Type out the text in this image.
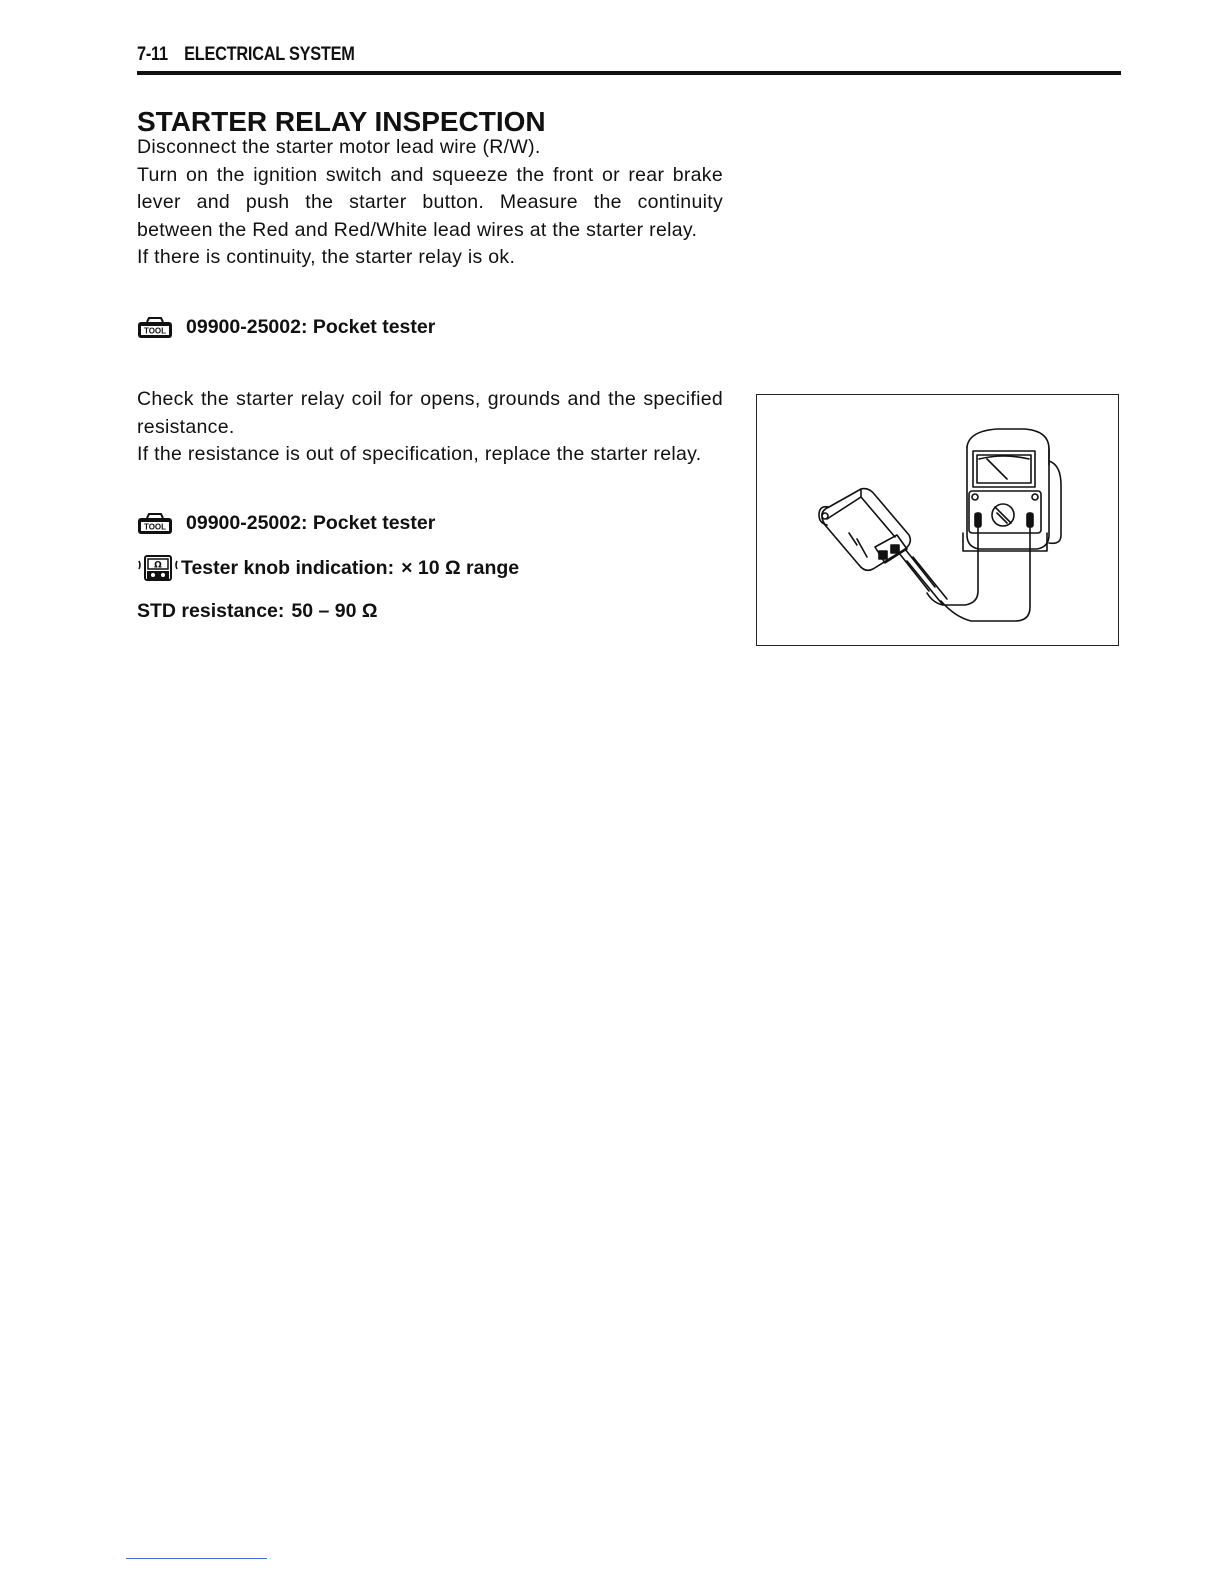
7-11 ELECTRICAL SYSTEM
STARTER RELAY INSPECTION

Disconnect the starter motor lead wire (R/W).

Turn on the ignition switch and squeeze the front or rear brake lever and push the starter button. Measure the continuity between the Red and Red/White lead wires at the starter relay.

If there is continuity, the starter relay is ok.

TOOL 09900-25002: Pocket tester

Check the starter relay coil for opens, grounds and the specified resistance.

If the resistance is out of specification, replace the starter relay.

TOOL 09900-25002: Pocket tester
Ω Tester knob indication: × 10 Ω range
STD resistance: 50 – 90 Ω
